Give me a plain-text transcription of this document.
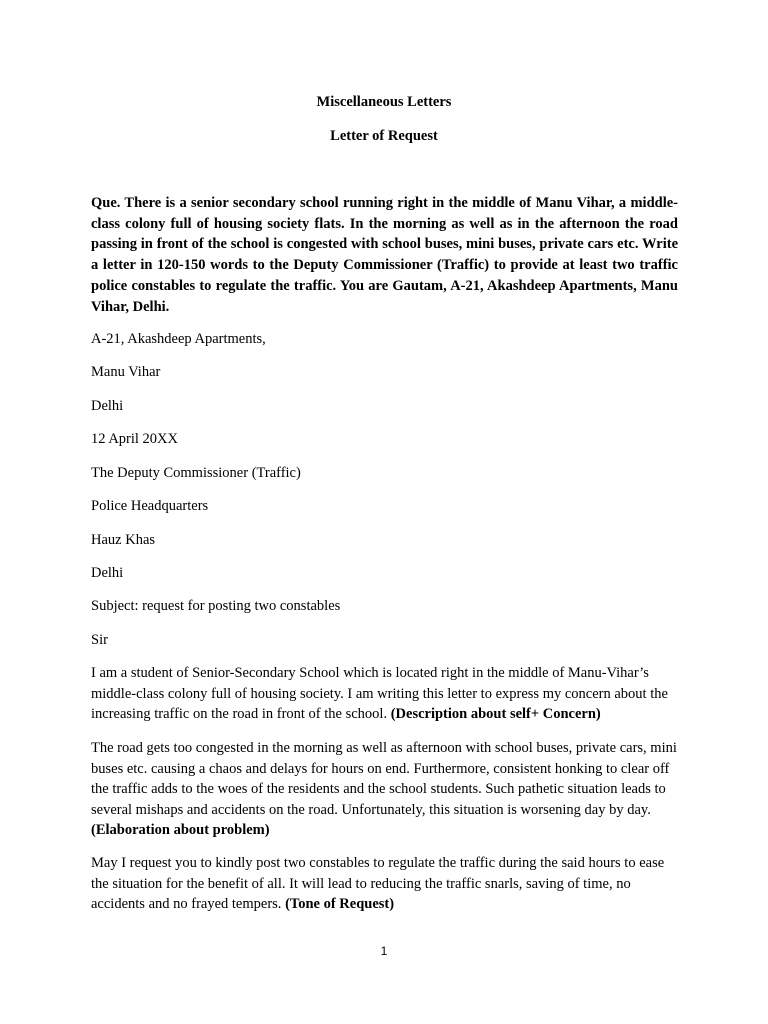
Miscellaneous Letters
Letter of Request

Que. There is a senior secondary school running right in the middle of Manu Vihar, a middle-class colony full of housing society flats. In the morning as well as in the afternoon the road passing in front of the school is congested with school buses, mini buses, private cars etc. Write a letter in 120-150 words to the Deputy Commissioner (Traffic) to provide at least two traffic police constables to regulate the traffic. You are Gautam, A-21, Akashdeep Apartments, Manu Vihar, Delhi.

A-21, Akashdeep Apartments,

Manu Vihar

Delhi

12 April 20XX

The Deputy Commissioner (Traffic)

Police Headquarters

Hauz Khas

Delhi

Subject: request for posting two constables

Sir

I am a student of Senior-Secondary School which is located right in the middle of Manu-Vihar’s middle-class colony full of housing society. I am writing this letter to express my concern about the increasing traffic on the road in front of the school. (Description about self+ Concern)

The road gets too congested in the morning as well as afternoon with school buses, private cars, mini buses etc. causing a chaos and delays for hours on end. Furthermore, consistent honking to clear off the traffic adds to the woes of the residents and the school students. Such pathetic situation leads to several mishaps and accidents on the road. Unfortunately, this situation is worsening day by day. (Elaboration about problem)

May I request you to kindly post two constables to regulate the traffic during the said hours to ease the situation for the benefit of all. It will lead to reducing the traffic snarls, saving of time, no accidents and no frayed tempers. (Tone of Request)

1
